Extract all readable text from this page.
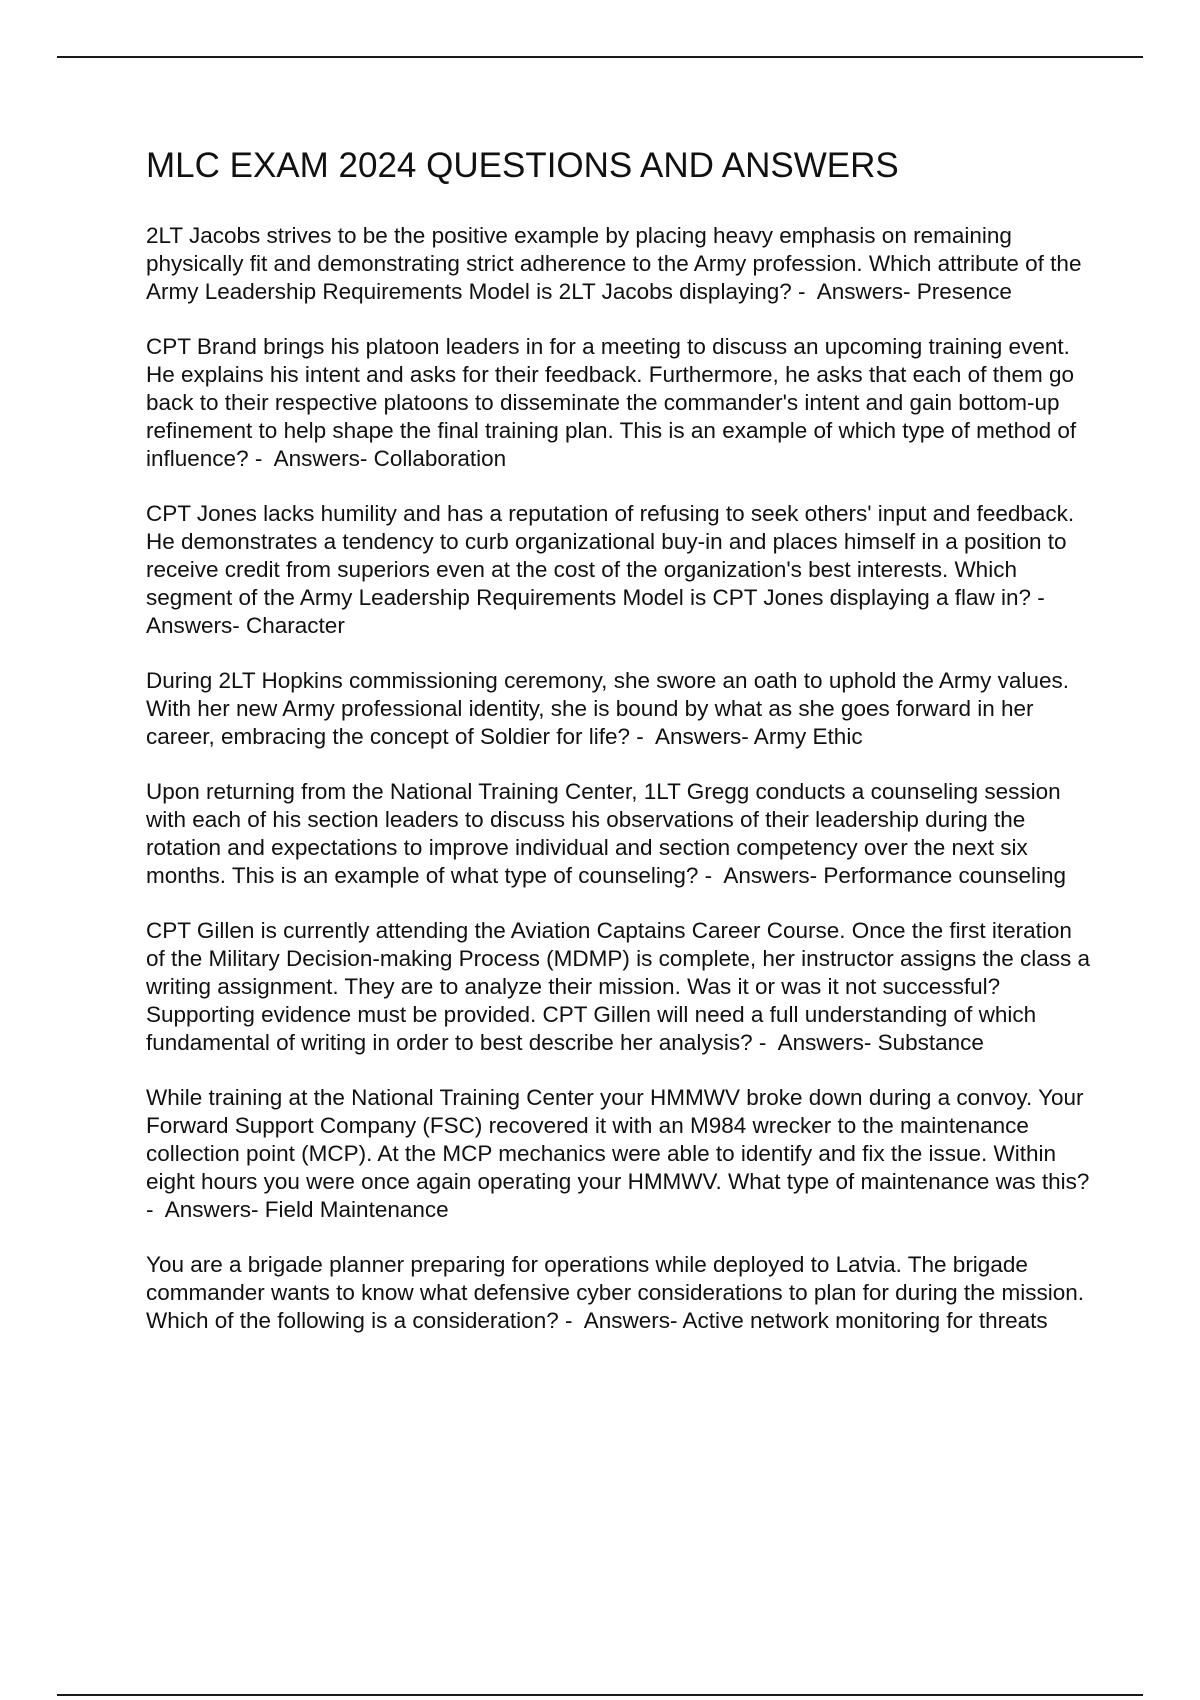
MLC EXAM 2024 QUESTIONS AND ANSWERS

2LT Jacobs strives to be the positive example by placing heavy emphasis on remaining physically fit and demonstrating strict adherence to the Army profession. Which attribute of the Army Leadership Requirements Model is 2LT Jacobs displaying? - Answers- Presence

CPT Brand brings his platoon leaders in for a meeting to discuss an upcoming training event. He explains his intent and asks for their feedback. Furthermore, he asks that each of them go back to their respective platoons to disseminate the commander's intent and gain bottom-up refinement to help shape the final training plan. This is an example of which type of method of influence? - Answers- Collaboration

CPT Jones lacks humility and has a reputation of refusing to seek others' input and feedback. He demonstrates a tendency to curb organizational buy-in and places himself in a position to receive credit from superiors even at the cost of the organization's best interests. Which segment of the Army Leadership Requirements Model is CPT Jones displaying a flaw in? -  Answers- Character

During 2LT Hopkins commissioning ceremony, she swore an oath to uphold the Army values. With her new Army professional identity, she is bound by what as she goes forward in her career, embracing the concept of Soldier for life? - Answers- Army Ethic

Upon returning from the National Training Center, 1LT Gregg conducts a counseling session with each of his section leaders to discuss his observations of their leadership during the rotation and expectations to improve individual and section competency over the next six months. This is an example of what type of counseling? - Answers- Performance counseling

CPT Gillen is currently attending the Aviation Captains Career Course. Once the first iteration of the Military Decision-making Process (MDMP) is complete, her instructor assigns the class a writing assignment. They are to analyze their mission. Was it or was it not successful? Supporting evidence must be provided. CPT Gillen will need a full understanding of which fundamental of writing in order to best describe her analysis? - Answers- Substance

While training at the National Training Center your HMMWV broke down during a convoy. Your Forward Support Company (FSC) recovered it with an M984 wrecker to the maintenance collection point (MCP). At the MCP mechanics were able to identify and fix the issue. Within eight hours you were once again operating your HMMWV. What type of maintenance was this? - Answers- Field Maintenance

You are a brigade planner preparing for operations while deployed to Latvia. The brigade commander wants to know what defensive cyber considerations to plan for during the mission. Which of the following is a consideration? - Answers- Active network monitoring for threats
